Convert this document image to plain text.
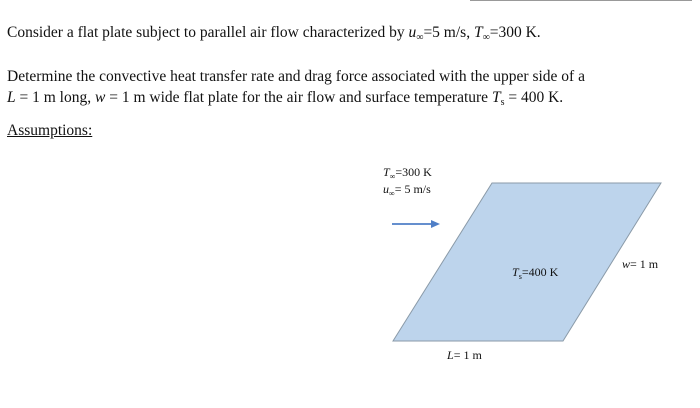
Consider a flat plate subject to parallel air flow characterized by $u_\infty=5$ m/s, $T_\infty=300$ K.

Determine the convective heat transfer rate and drag force associated with the upper side of a
L = 1 m long, w = 1 m wide flat plate for the air flow and surface temperature $T_s = 400$ K.

Assumptions:

$T_\infty=300$ K
$u_\infty= 5$ m/s
$T_s=400$ K
w= 1 m
L= 1 m
